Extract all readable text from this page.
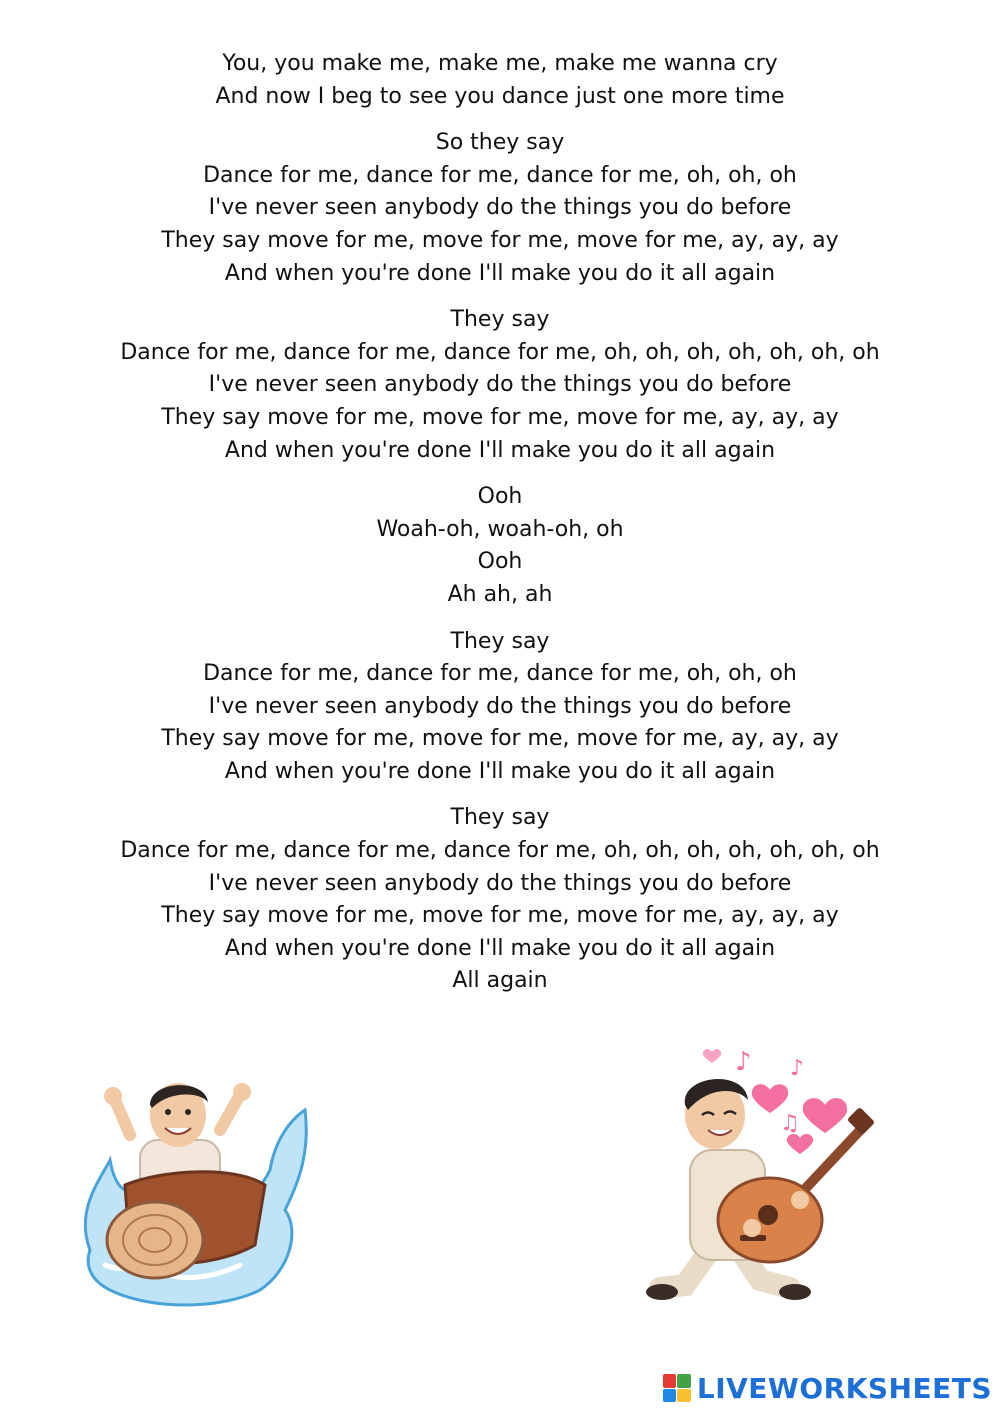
You, you make me, make me, make me wanna cry
And now I beg to see you dance just one more time
So they say
Dance for me, dance for me, dance for me, oh, oh, oh
I've never seen anybody do the things you do before
They say move for me, move for me, move for me, ay, ay, ay
And when you're done I'll make you do it all again
They say
Dance for me, dance for me, dance for me, oh, oh, oh, oh, oh, oh, oh
I've never seen anybody do the things you do before
They say move for me, move for me, move for me, ay, ay, ay
And when you're done I'll make you do it all again
Ooh
Woah-oh, woah-oh, oh
Ooh
Ah ah, ah
They say
Dance for me, dance for me, dance for me, oh, oh, oh
I've never seen anybody do the things you do before
They say move for me, move for me, move for me, ay, ay, ay
And when you're done I'll make you do it all again
They say
Dance for me, dance for me, dance for me, oh, oh, oh, oh, oh, oh, oh
I've never seen anybody do the things you do before
They say move for me, move for me, move for me, ay, ay, ay
And when you're done I'll make you do it all again
All again
♪ ♪
♫
LIVEWORKSHEETS
